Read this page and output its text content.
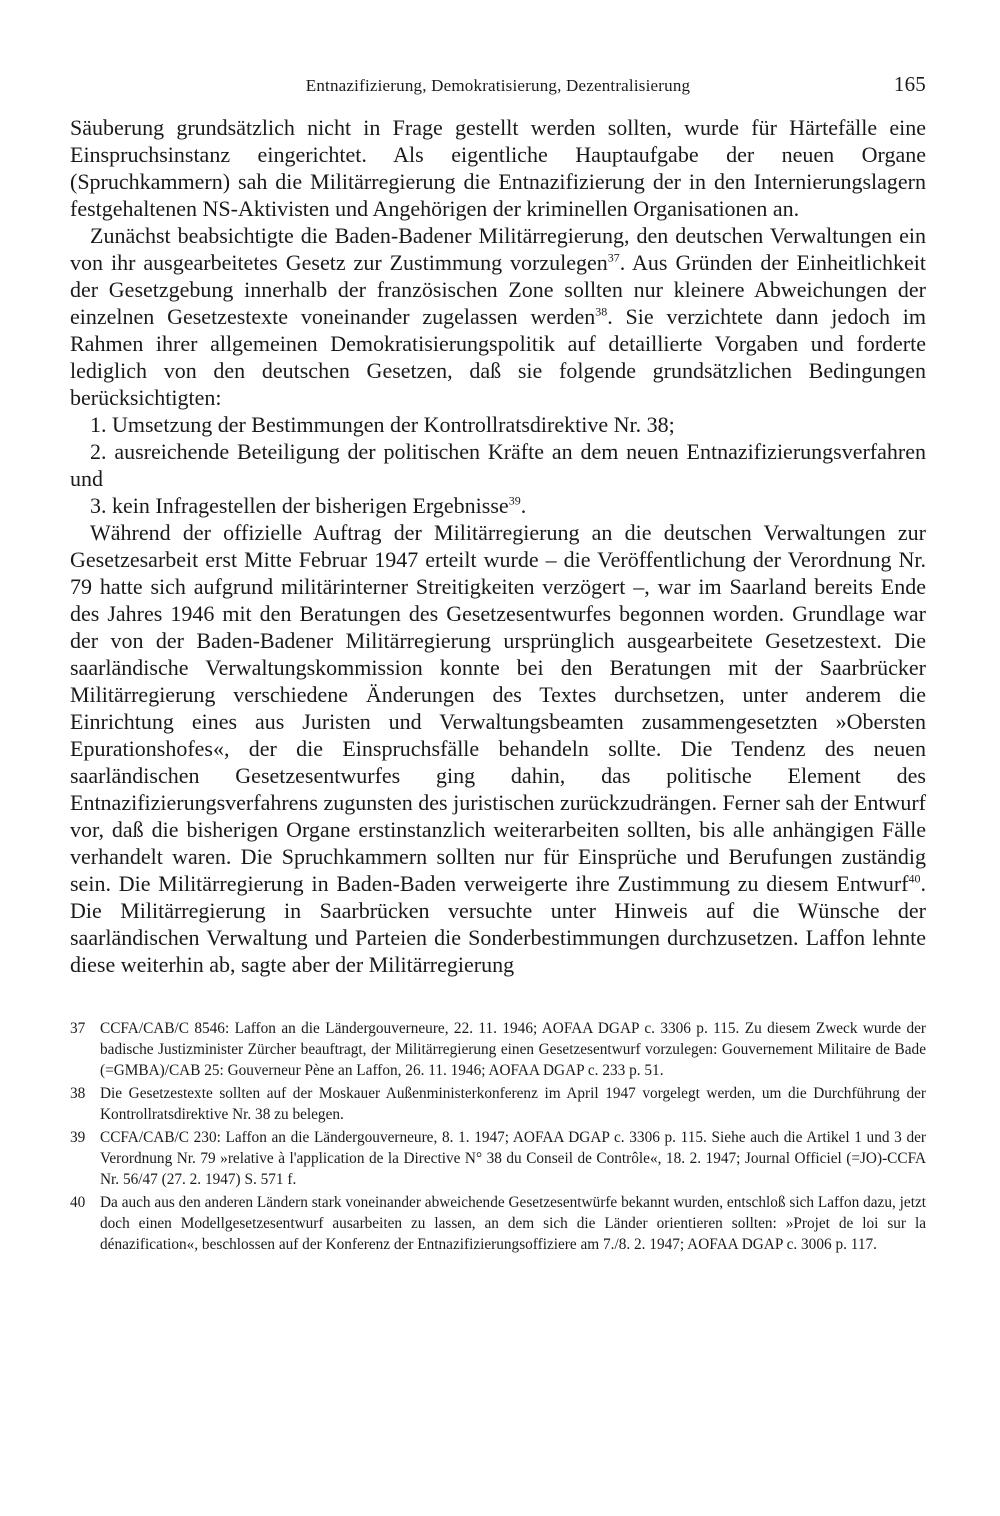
Entnazifizierung, Demokratisierung, Dezentralisierung	165

Säuberung grundsätzlich nicht in Frage gestellt werden sollten, wurde für Härtefälle eine Einspruchsinstanz eingerichtet. Als eigentliche Hauptaufgabe der neuen Organe (Spruchkammern) sah die Militärregierung die Entnazifizierung der in den Internierungslagern festgehaltenen NS-Aktivisten und Angehörigen der kriminellen Organisationen an.

Zunächst beabsichtigte die Baden-Badener Militärregierung, den deutschen Verwaltungen ein von ihr ausgearbeitetes Gesetz zur Zustimmung vorzulegen$^{37}$. Aus Gründen der Einheitlichkeit der Gesetzgebung innerhalb der französischen Zone sollten nur kleinere Abweichungen der einzelnen Gesetzestexte voneinander zugelassen werden$^{38}$. Sie verzichtete dann jedoch im Rahmen ihrer allgemeinen Demokratisierungspolitik auf detaillierte Vorgaben und forderte lediglich von den deutschen Gesetzen, daß sie folgende grundsätzlichen Bedingungen berücksichtigten:

1. Umsetzung der Bestimmungen der Kontrollratsdirektive Nr. 38;

2. ausreichende Beteiligung der politischen Kräfte an dem neuen Entnazifizierungsverfahren und

3. kein Infragestellen der bisherigen Ergebnisse$^{39}$.

Während der offizielle Auftrag der Militärregierung an die deutschen Verwaltungen zur Gesetzesarbeit erst Mitte Februar 1947 erteilt wurde – die Veröffentlichung der Verordnung Nr. 79 hatte sich aufgrund militärinterner Streitigkeiten verzögert –, war im Saarland bereits Ende des Jahres 1946 mit den Beratungen des Gesetzesentwurfes begonnen worden. Grundlage war der von der Baden-Badener Militärregierung ursprünglich ausgearbeitete Gesetzestext. Die saarländische Verwaltungskommission konnte bei den Beratungen mit der Saarbrücker Militärregierung verschiedene Änderungen des Textes durchsetzen, unter anderem die Einrichtung eines aus Juristen und Verwaltungsbeamten zusammengesetzten »Obersten Epurationshofes«, der die Einspruchsfälle behandeln sollte. Die Tendenz des neuen saarländischen Gesetzesentwurfes ging dahin, das politische Element des Entnazifizierungsverfahrens zugunsten des juristischen zurückzudrängen. Ferner sah der Entwurf vor, daß die bisherigen Organe erstinstanzlich weiterarbeiten sollten, bis alle anhängigen Fälle verhandelt waren. Die Spruchkammern sollten nur für Einsprüche und Berufungen zuständig sein. Die Militärregierung in Baden-Baden verweigerte ihre Zustimmung zu diesem Entwurf$^{40}$. Die Militärregierung in Saarbrücken versuchte unter Hinweis auf die Wünsche der saarländischen Verwaltung und Parteien die Sonderbestimmungen durchzusetzen. Laffon lehnte diese weiterhin ab, sagte aber der Militärregierung

37 CCFA/CAB/C 8546: Laffon an die Ländergouverneure, 22. 11. 1946; AOFAA DGAP c. 3306 p. 115. Zu diesem Zweck wurde der badische Justizminister Zürcher beauftragt, der Militärregierung einen Gesetzesentwurf vorzulegen: Gouvernement Militaire de Bade (=GMBA)/CAB 25: Gouverneur Pène an Laffon, 26. 11. 1946; AOFAA DGAP c. 233 p. 51.
38 Die Gesetzestexte sollten auf der Moskauer Außenministerkonferenz im April 1947 vorgelegt werden, um die Durchführung der Kontrollratsdirektive Nr. 38 zu belegen.
39 CCFA/CAB/C 230: Laffon an die Ländergouverneure, 8. 1. 1947; AOFAA DGAP c. 3306 p. 115. Siehe auch die Artikel 1 und 3 der Verordnung Nr. 79 »relative à l'application de la Directive N° 38 du Conseil de Contrôle«, 18. 2. 1947; Journal Officiel (=JO)-CCFA Nr. 56/47 (27. 2. 1947) S. 571 f.
40 Da auch aus den anderen Ländern stark voneinander abweichende Gesetzesentwürfe bekannt wurden, entschloß sich Laffon dazu, jetzt doch einen Modellgesetzesentwurf ausarbeiten zu lassen, an dem sich die Länder orientieren sollten: »Projet de loi sur la dénazification«, beschlossen auf der Konferenz der Entnazifizierungsoffiziere am 7./8. 2. 1947; AOFAA DGAP c. 3006 p. 117.
